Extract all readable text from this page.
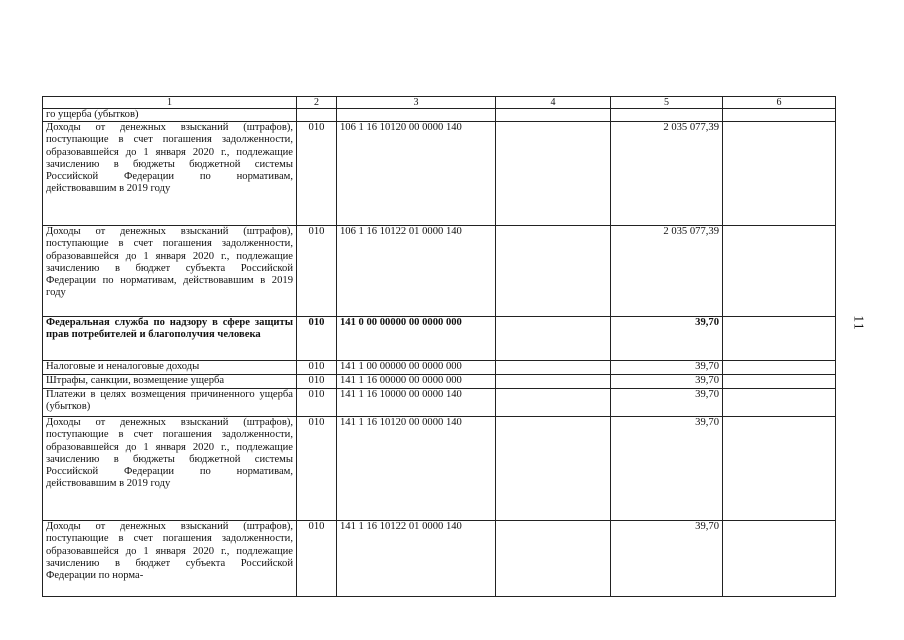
11
1	2	3	4	5	6
го ущерба (убытков)					
Доходы от денежных взысканий (штрафов), поступающие в счет погашения задолженности, образовавшейся до 1 января 2020 г., подлежащие зачислению в бюджеты бюджетной системы Российской Федерации по нормативам, действовавшим в 2019 году	010	106 1 16 10120 00 0000 140		2 035 077,39	
Доходы от денежных взысканий (штрафов), поступающие в счет погашения задолженности, образовавшейся до 1 января 2020 г., подлежащие зачислению в бюджет субъекта Российской Федерации по нормативам, действовавшим в 2019 году	010	106 1 16 10122 01 0000 140		2 035 077,39	
Федеральная служба по надзору в сфере защиты прав потребителей и благополучия человека	010	141 0 00 00000 00 0000 000		39,70	
Налоговые и неналоговые доходы	010	141 1 00 00000 00 0000 000		39,70	
Штрафы, санкции, возмещение ущерба	010	141 1 16 00000 00 0000 000		39,70	
Платежи в целях возмещения причиненного ущерба (убытков)	010	141 1 16 10000 00 0000 140		39,70	
Доходы от денежных взысканий (штрафов), поступающие в счет погашения задолженности, образовавшейся до 1 января 2020 г., подлежащие зачислению в бюджеты бюджетной системы Российской Федерации по нормативам, действовавшим в 2019 году	010	141 1 16 10120 00 0000 140		39,70	
Доходы от денежных взысканий (штрафов), поступающие в счет погашения задолженности, образовавшейся до 1 января 2020 г., подлежащие зачислению в бюджет субъекта Российской Федерации по норма-	010	141 1 16 10122 01 0000 140		39,70	
